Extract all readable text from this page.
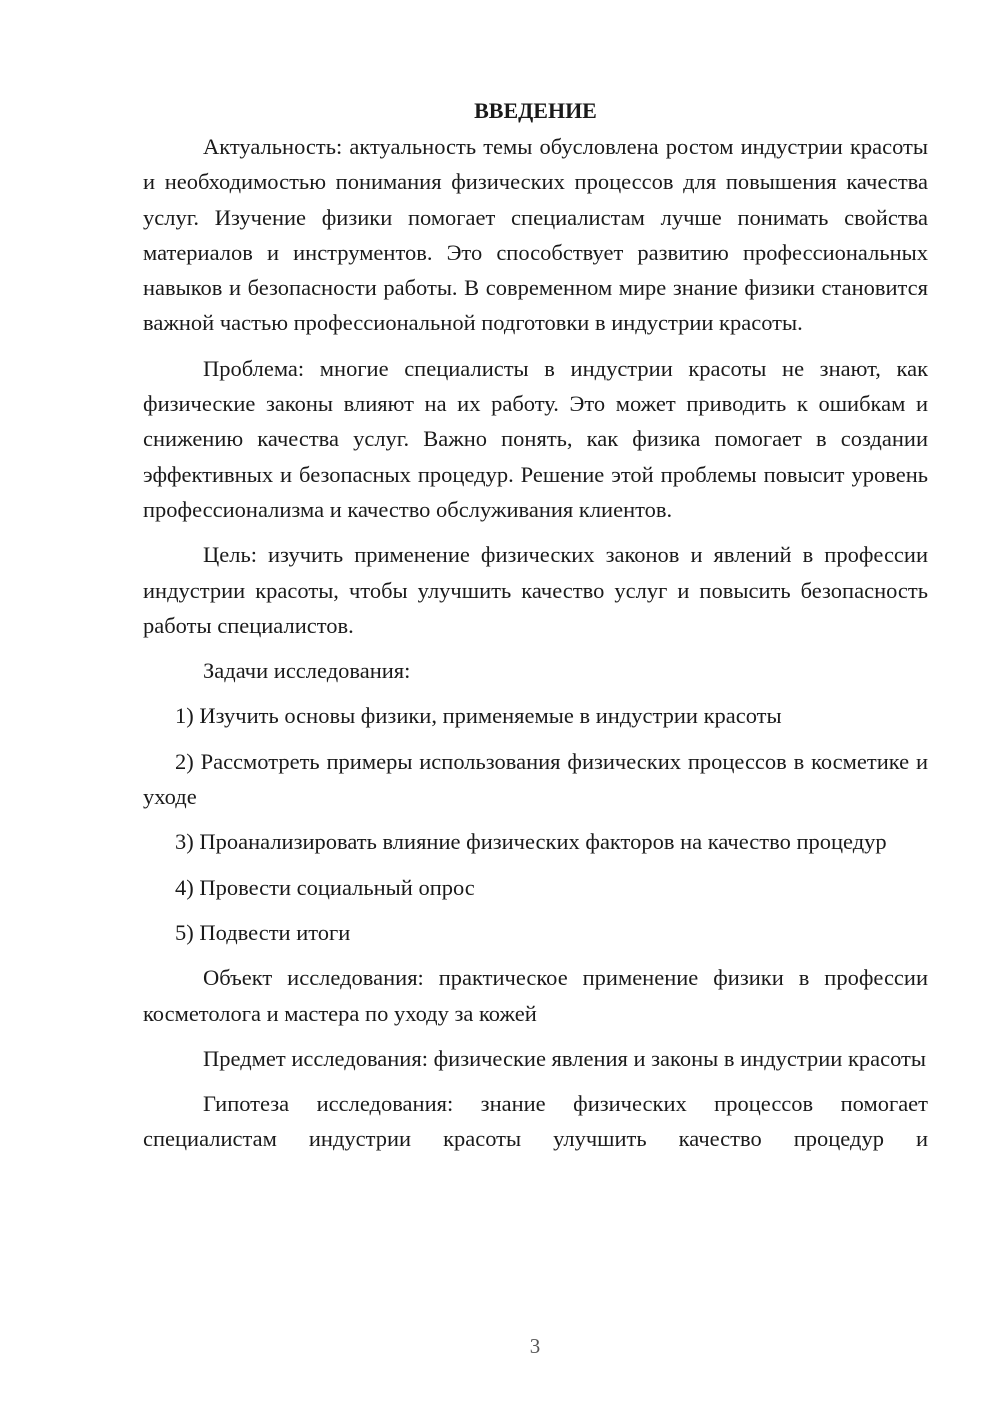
ВВЕДЕНИЕ

Актуальность: актуальность темы обусловлена ростом индустрии красоты и необходимостью понимания физических процессов для повышения качества услуг. Изучение физики помогает специалистам лучше понимать свойства материалов и инструментов. Это способствует развитию профессиональных навыков и безопасности работы. В современном мире знание физики становится важной частью профессиональной подготовки в индустрии красоты.

Проблема: многие специалисты в индустрии красоты не знают, как физические законы влияют на их работу. Это может приводить к ошибкам и снижению качества услуг. Важно понять, как физика помогает в создании эффективных и безопасных процедур. Решение этой проблемы повысит уровень профессионализма и качество обслуживания клиентов.

Цель: изучить применение физических законов и явлений в профессии индустрии красоты, чтобы улучшить качество услуг и повысить безопасность работы специалистов.

Задачи исследования:

1) Изучить основы физики, применяемые в индустрии красоты

2) Рассмотреть примеры использования физических процессов в косметике и уходе

3) Проанализировать влияние физических факторов на качество процедур

4) Провести социальный опрос

5) Подвести итоги

Объект исследования: практическое применение физики в профессии косметолога и мастера по уходу за кожей

Предмет исследования: физические явления и законы в индустрии красоты

Гипотеза исследования: знание физических процессов помогает специалистам индустрии красоты улучшить качество процедур и

3
